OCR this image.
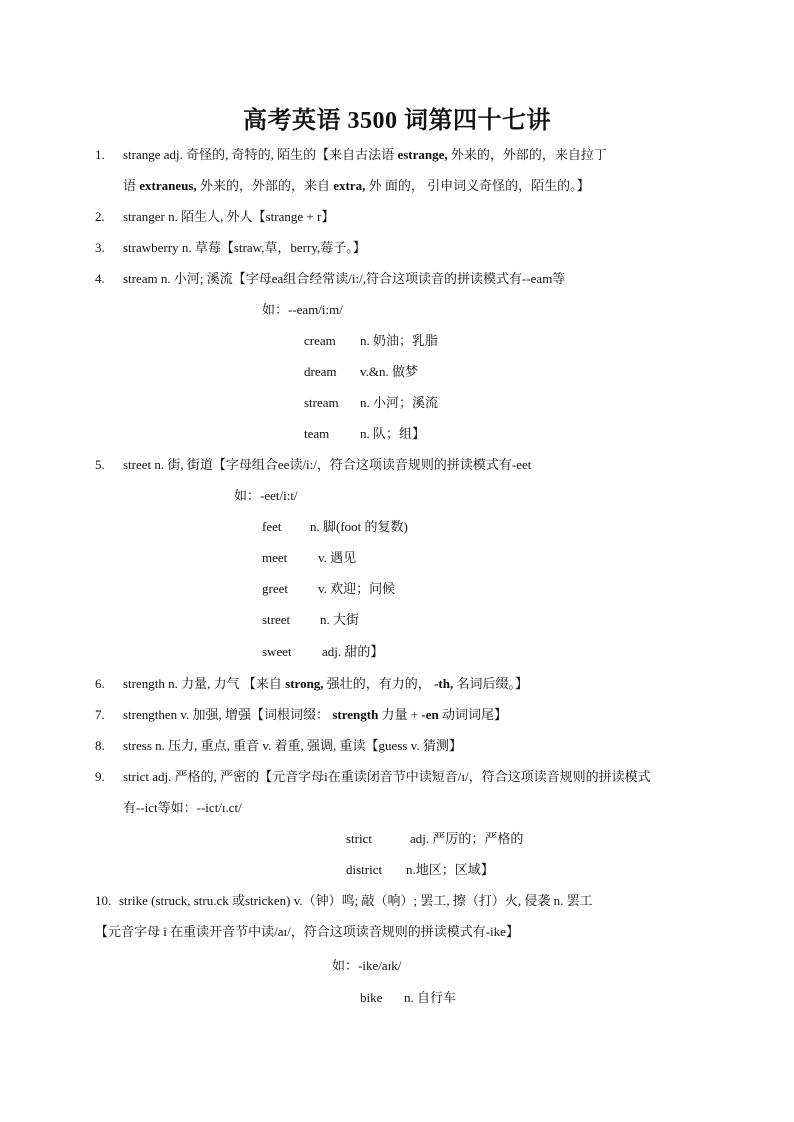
高考英语 3500 词第四十七讲
1. strange adj. 奇怪的, 奇特的, 陌生的【来自古法语 estrange, 外来的，外部的，来自拉丁
语 extraneus, 外来的，外部的，来自 extra, 外 面的， 引申词义奇怪的，陌生的。】
2. stranger n. 陌生人, 外人【strange + r】
3. strawberry n. 草莓【straw,草，berry,莓子。】
4. stream n. 小河; 溪流【字母ea组合经常读/i:/,符合这项读音的拼读模式有--eam等
如：--eam/i:m/
cream n. 奶油；乳脂
dream v.&n. 做梦
stream n. 小河；溪流
team n. 队；组】
5. street n. 街, 街道【字母组合ee读/i:/，符合这项读音规则的拼读模式有-eet
如：-eet/i:t/
feet n. 脚(foot 的复数)
meet v. 遇见
greet v. 欢迎；问候
street n. 大街
sweet adj. 甜的】
6. strength n. 力量, 力气 【来自 strong, 强壮的，有力的， -th, 名词后缀。】
7. strengthen v. 加强, 增强【词根词缀： strength 力量 + -en 动词词尾】
8. stress n. 压力, 重点, 重音 v. 着重, 强调, 重读【guess v. 猜测】
9. strict adj. 严格的, 严密的【元音字母i在重读闭音节中读短音/ɪ/，符合这项读音规则的拼读模式
有--ict等如：--ict/ɪ.ct/
strict	adj. 严厉的；严格的
district n.地区；区域】
10. strike (struck, stru.ck 或stricken) v.（钟）鸣; 敲（响）; 罢工, 擦（打）火, 侵袭 n. 罢工
【元音字母 i 在重读开音节中读/aɪ/，符合这项读音规则的拼读模式有-ike】
如：-ike/aɪk/
bike n. 自行车
